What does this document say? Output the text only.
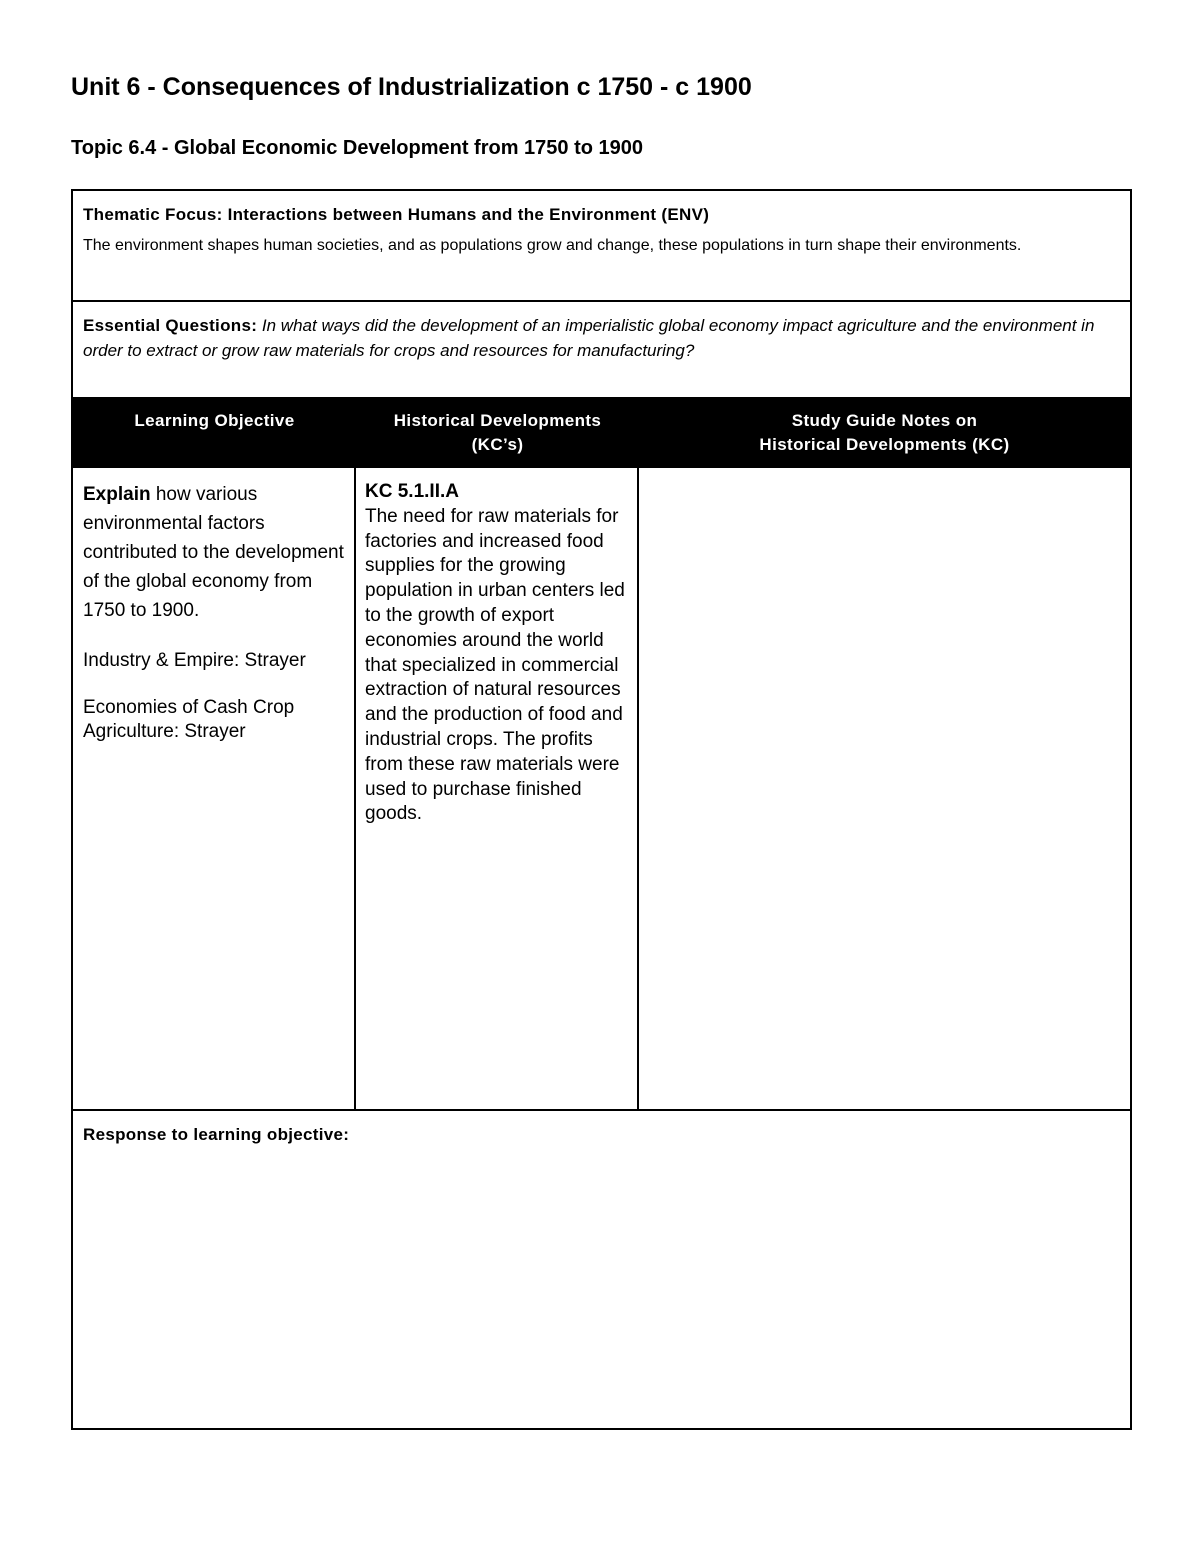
Unit 6 - Consequences of Industrialization c 1750 - c 1900
Topic 6.4 - Global Economic Development from 1750 to 1900
Thematic Focus: Interactions between Humans and the Environment (ENV)
The environment shapes human societies, and as populations grow and change, these populations in turn shape their environments.
Essential Questions: In what ways did the development of an imperialistic global economy impact agriculture and the environment in order to extract or grow raw materials for crops and resources for manufacturing?
Learning Objective	Historical Developments
(KC’s)
Study Guide Notes on
Historical Developments (KC)

Explain how various environmental factors contributed to the development of the global economy from 1750 to 1900.

Industry & Empire: Strayer

Economies of Cash Crop Agriculture: Strayer

KC 5.1.II.A
The need for raw materials for factories and increased food supplies for the growing population in urban centers led to the growth of export economies around the world that specialized in commercial extraction of natural resources and the production of food and industrial crops. The profits from these raw materials were used to purchase finished goods.
Response to learning objective:
